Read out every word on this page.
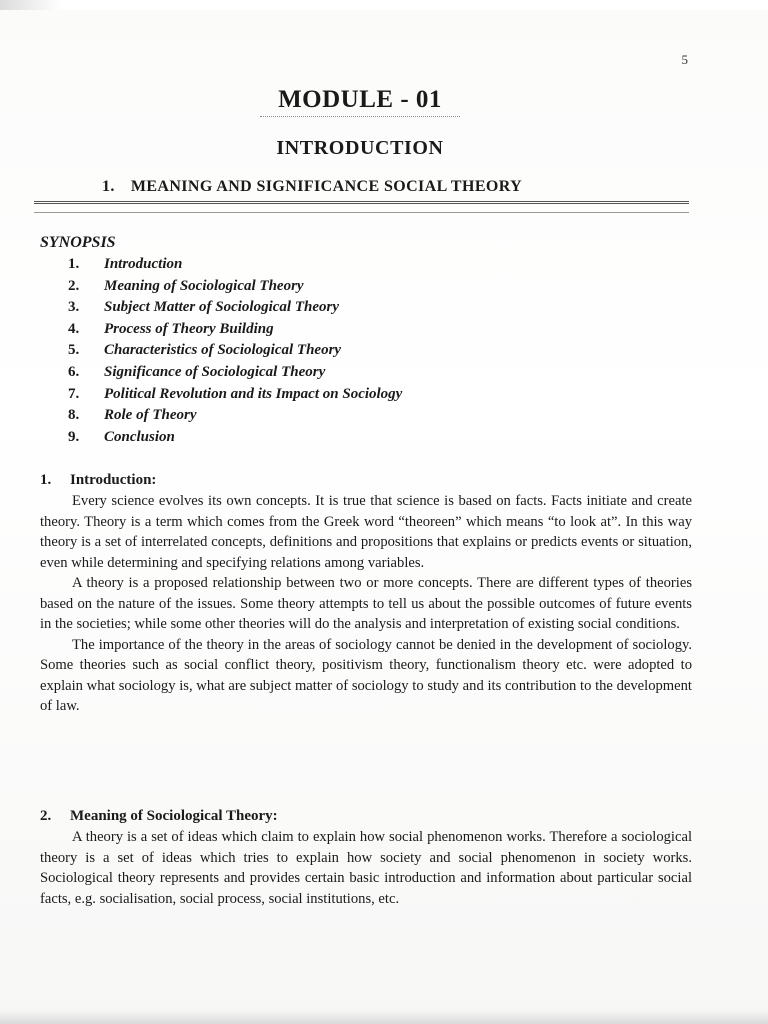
5
MODULE - 01
INTRODUCTION
1. MEANING AND SIGNIFICANCE SOCIAL THEORY
SYNOPSIS
1. Introduction
2. Meaning of Sociological Theory
3. Subject Matter of Sociological Theory
4. Process of Theory Building
5. Characteristics of Sociological Theory
6. Significance of Sociological Theory
7. Political Revolution and its Impact on Sociology
8. Role of Theory
9. Conclusion
1. Introduction:

Every science evolves its own concepts. It is true that science is based on facts. Facts initiate and create theory. Theory is a term which comes from the Greek word “theoreen” which means “to look at”. In this way theory is a set of interrelated concepts, definitions and propositions that explains or predicts events or situation, even while determining and specifying relations among variables.

A theory is a proposed relationship between two or more concepts. There are different types of theories based on the nature of the issues. Some theory attempts to tell us about the possible outcomes of future events in the societies; while some other theories will do the analysis and interpretation of existing social conditions.

The importance of the theory in the areas of sociology cannot be denied in the development of sociology. Some theories such as social conflict theory, positivism theory, functionalism theory etc. were adopted to explain what sociology is, what are subject matter of sociology to study and its contribution to the development of law.

2. Meaning of Sociological Theory:

A theory is a set of ideas which claim to explain how social phenomenon works. Therefore a sociological theory is a set of ideas which tries to explain how society and social phenomenon in society works. Sociological theory represents and provides certain basic introduction and information about particular social facts, e.g. socialisation, social process, social institutions, etc.
